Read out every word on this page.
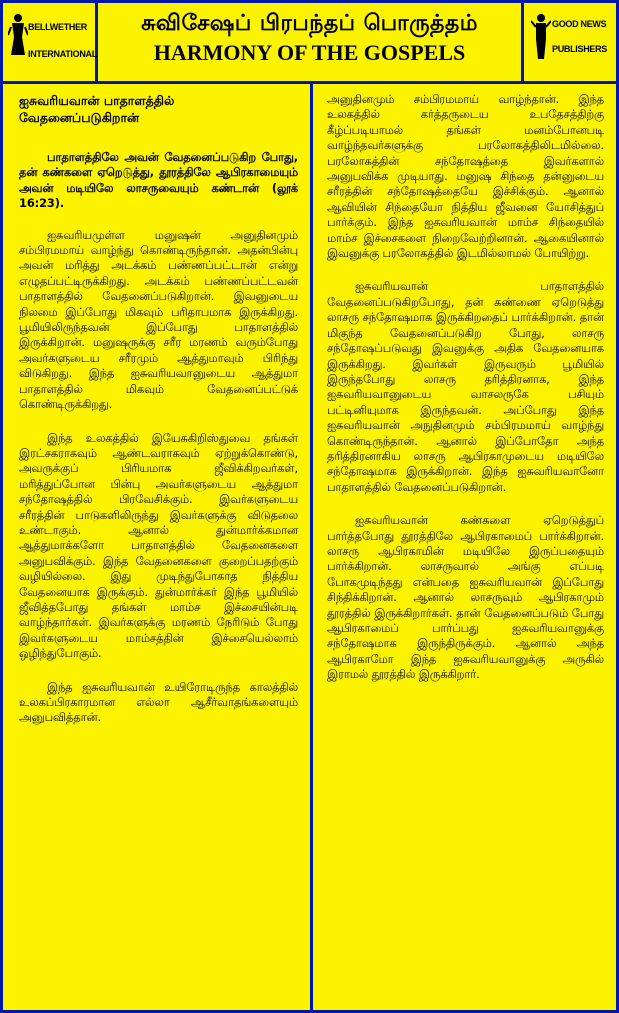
BELLWETHER
INTERNATIONAL
சுவிசேஷப் பிரபந்தப் பொருத்தம்
HARMONY OF THE GOSPELS
GOOD NEWS
PUBLISHERS
ஐசுவரியவான் பாதாளத்தில்
வேதனைப்படுகிறான்

பாதாளத்திலே அவன் வேதனைப்படுகிற போது, தன் கண்களை ஏறெடுத்து, தூரத்திலே ஆபிரகாமையும் அவன் மடியிலே லாசருவையும் கண்டான் (லூக் 16:23).

ஐசுவரியமுள்ள மனுஷன் அனுதினமும் சம்பிரமமாய் வாழ்ந்து கொண்டிருந்தான். அதன்பின்பு அவன் மரித்து அடக்கம் பண்ணப்பட்டான் என்று எழுதப்பட்டிருக்கிறது. அடக்கம் பண்ணப்பட்டவன் பாதாளத்தில் வேதனைப்படுகிறான். இவனுடைய நிலமை இப்போது மிகவும் பரிதாபமாக இருக்கிறது. பூமியிலிருந்தவன் இப்போது பாதாளத்தில் இருக்கிறான். மனுஷருக்கு சரீர மரணம் வரும்போது அவர்களுடைய சரீரமும் ஆத்துமாவும் பிரிந்து விடுகிறது. இந்த ஐசுவரியவானுடைய ஆத்துமா பாதாளத்தில் மிகவும் வேதனைப்பட்டுக் கொண்டிருக்கிறது.

இந்த உலகத்தில் இயேசுகிறிஸ்துவை தங்கள் இரட்சகராகவும் ஆண்டவராகவும் ஏற்றுக்கொண்டு, அவருக்குப் பிரியமாக ஜீவிக்கிறவர்கள், மரித்துப்போன பின்பு அவர்களுடைய ஆத்துமா சந்தோஷத்தில் பிரவேசிக்கும். இவர்களுடைய சரீரத்தின் பாடுகளிலிருந்து இவர்களுக்கு விடுதலை உண்டாகும். ஆனால் துன்மார்க்கமான ஆத்துமாக்களோ பாதாளத்தில் வேதனைகளை அனுபவிக்கும். இந்த வேதனைகளை குறைப்பதற்கும் வழியில்லை. இது முடிந்துபோகாத நித்திய வேதனையாக இருக்கும். துன்மார்க்கர் இந்த பூமியில் ஜீவித்தபோது தங்கள் மாம்ச இச்சையின்படி வாழ்ந்தார்கள். இவர்களுக்கு மரணம் நேரிடும் போது இவர்களுடைய மாம்சத்தின் இச்சையெல்லாம் ஒழிந்துபோகும்.

இந்த ஐசுவரியவான் உயிரோடிருந்த காலத்தில் உலகப்பிரகாரமான எல்லா ஆசீர்வாதங்களையும் அனுபவித்தான்.

அனுதினமும் சம்பிரமமாய் வாழ்ந்தான். இந்த உலகத்தில் கர்த்தருடைய உபதேசத்திற்கு கீழ்ப்படியாமல் தங்கள் மனம்போனபடி வாழ்ந்தவர்களுக்கு பரலோகத்திலிடமில்லை. பரலோகத்தின் சந்தோஷத்தை இவர்களால் அனுபவிக்க முடியாது. மனுஷ சிந்தை தன்னுடைய சரீரத்தின் சந்தோஷத்தையே இச்சிக்கும். ஆனால் ஆவியின் சிந்தையோ நித்திய ஜீவனை யோசித்துப் பார்க்கும். இந்த ஐசுவரியவான் மாம்ச சிந்தையில் மாம்ச இச்சைகளை நிறைவேற்றினான். ஆகையினால் இவனுக்கு பரலோகத்தில் இடமில்லாமல் போயிற்று.

ஐசுவரியவான் பாதாளத்தில் வேதனைப்படுகிறபோது, தன் கண்ணை ஏறெடுத்து லாசரு சந்தோஷமாக இருக்கிறதைப் பார்க்கிறான். தான் மிகுந்த வேதனைப்படுகிற போது, லாசரு சந்தோஷப்படுவது இவனுக்கு அதிக வேதனையாக இருக்கிறது. இவர்கள் இருவரும் பூமியில் இருந்தபோது லாசரு தரித்திரனாக, இந்த ஐசுவரியவானுடைய வாசலருகே பசியும் பட்டினியுமாக இருந்தவன். அப்போது இந்த ஐசுவரியவான் அநுதினமும் சம்பிரமமாய் வாழ்ந்து கொண்டிருந்தான். ஆனால் இப்போதோ அந்த தரித்திரனாகிய லாசரு ஆபிரகாமுடைய மடியிலே சந்தோஷமாக இருக்கிறான். இந்த ஐசுவரியவானோ பாதாளத்தில் வேதனைப்படுகிறான்.

ஐசுவரியவான் கண்களை ஏறெடுத்துப் பார்த்தபோது தூரத்திலே ஆபிரகாமைப் பார்க்கிறான். லாசரு ஆபிரகாமின் மடியிலே இருப்பதையும் பார்க்கிறான். லாசருவால் அங்கு எப்படி போகமுடிந்தது என்பதை ஐசுவரியவான் இப்போது சிந்திக்கிறான். ஆனால் லாசருவும் ஆபிரகாமும் தூரத்தில் இருக்கிறார்கள். தான் வேதனைப்படும் போது ஆபிரகாமைப் பார்ப்பது ஐசுவரியவானுக்கு சந்தோஷமாக இருந்திருக்கும். ஆனால் அந்த ஆபிரகாமோ இந்த ஐசுவரியவானுக்கு அருகில் இராமல் தூரத்தில் இருக்கிறார்.
